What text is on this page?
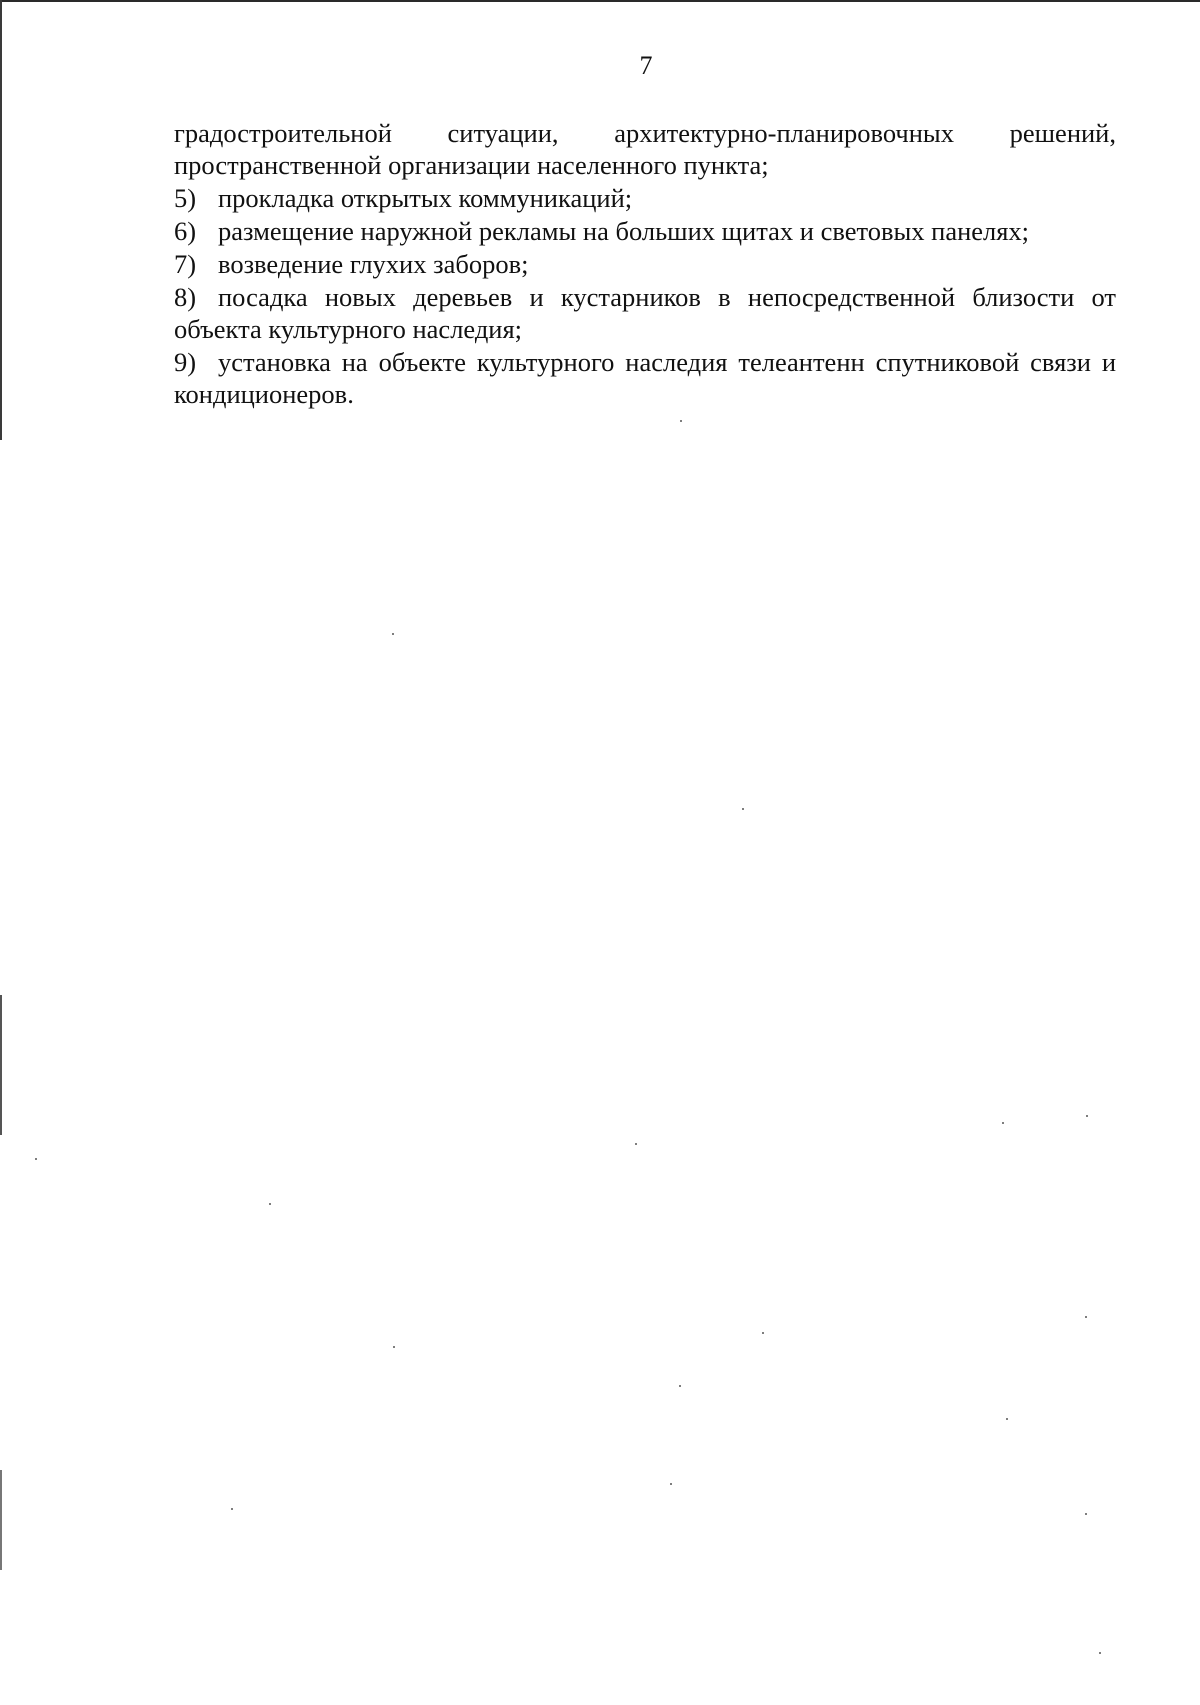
7

градостроительной ситуации, архитектурно-планировочных решений,

пространственной организации населенного пункта;

5) прокладка открытых коммуникаций;

6) размещение наружной рекламы на больших щитах и световых панелях;

7) возведение глухих заборов;

8) посадка новых деревьев и кустарников в непосредственной близости от объекта культурного наследия;

9) установка на объекте культурного наследия телеантенн спутниковой связи и кондиционеров.
